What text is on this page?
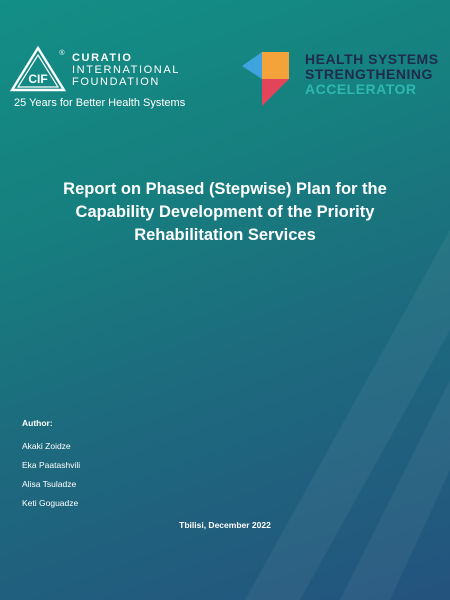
CIF
® CURATIO
INTERNATIONAL
FOUNDATION
25 Years for Better Health Systems
HEALTH SYSTEMS
STRENGTHENING
ACCELERATOR
Report on Phased (Stepwise) Plan for the Capability Development of the Priority Rehabilitation Services
Author:
Akaki Zoidze
Eka Paatashvili
Alisa Tsuladze
Keti Goguadze
Tbilisi, December 2022
